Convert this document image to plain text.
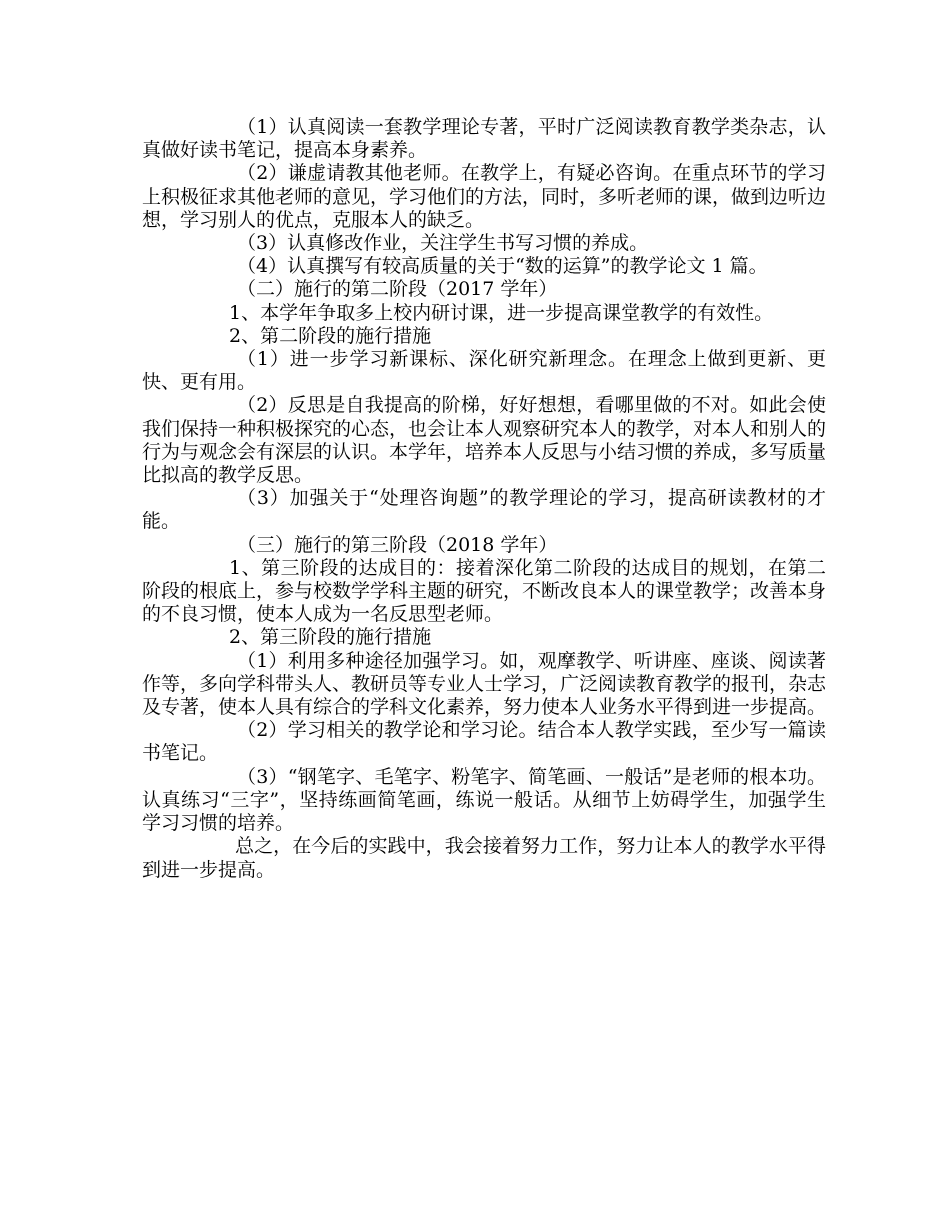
（1）认真阅读一套教学理论专著，平时广泛阅读教育教学类杂志，认真做好读书笔记，提高本身素养。

（2）谦虚请教其他老师。在教学上，有疑必咨询。在重点环节的学习上积极征求其他老师的意见，学习他们的方法，同时，多听老师的课，做到边听边想，学习别人的优点，克服本人的缺乏。

（3）认真修改作业，关注学生书写习惯的养成。

（4）认真撰写有较高质量的关于“数的运算”的教学论文 1 篇。

（二）施行的第二阶段（2017 学年）

1、本学年争取多上校内研讨课，进一步提高课堂教学的有效性。

2、第二阶段的施行措施

（1）进一步学习新课标、深化研究新理念。在理念上做到更新、更快、更有用。

（2）反思是自我提高的阶梯，好好想想，看哪里做的不对。如此会使我们保持一种积极探究的心态，也会让本人观察研究本人的教学，对本人和别人的行为与观念会有深层的认识。本学年，培养本人反思与小结习惯的养成，多写质量比拟高的教学反思。

（3）加强关于“处理咨询题”的教学理论的学习，提高研读教材的才能。

（三）施行的第三阶段（2018 学年）

1、第三阶段的达成目的：接着深化第二阶段的达成目的规划，在第二阶段的根底上，参与校数学学科主题的研究，不断改良本人的课堂教学；改善本身的不良习惯，使本人成为一名反思型老师。

2、第三阶段的施行措施

（1）利用多种途径加强学习。如，观摩教学、听讲座、座谈、阅读著作等，多向学科带头人、教研员等专业人士学习，广泛阅读教育教学的报刊，杂志及专著，使本人具有综合的学科文化素养，努力使本人业务水平得到进一步提高。

（2）学习相关的教学论和学习论。结合本人教学实践，至少写一篇读书笔记。

（3）“钢笔字、毛笔字、粉笔字、简笔画、一般话”是老师的根本功。认真练习“三字”，坚持练画简笔画，练说一般话。从细节上妨碍学生，加强学生学习习惯的培养。

总之，在今后的实践中，我会接着努力工作，努力让本人的教学水平得到进一步提高。
